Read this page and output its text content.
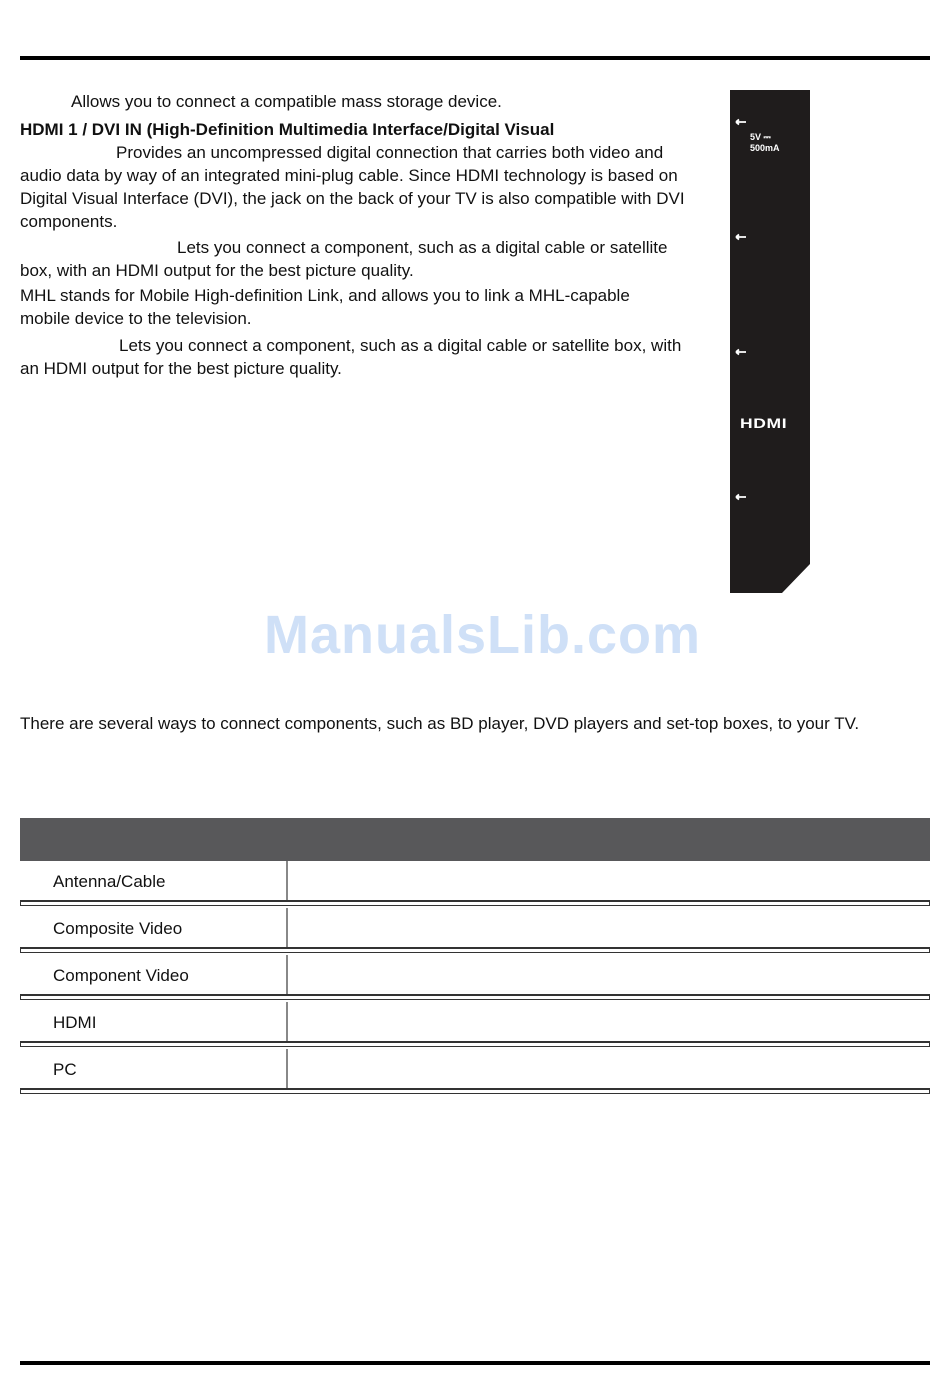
Allows you to connect a compatible mass storage device.

HDMI 1 / DVI IN (High-Definition Multimedia Interface/Digital Visual

Provides an uncompressed digital connection that carries both video and audio data by way of an integrated mini-plug cable. Since HDMI technology is based on Digital Visual Interface (DVI), the jack on the back of your TV is also compatible with DVI components.

Lets you connect a component, such as a digital cable or satellite box, with an HDMI output for the best picture quality.

MHL stands for Mobile High-definition Link, and allows you to link a MHL-capable mobile device to the television.

Lets you connect a component, such as a digital cable or satellite box, with an HDMI output for the best picture quality.

5V ⎓
500mA
HDMI
ManualsLib.com

There are several ways to connect components, such as BD player, DVD players and set-top boxes, to your TV.

Antenna/Cable
Composite Video
Component Video
HDMI
PC
